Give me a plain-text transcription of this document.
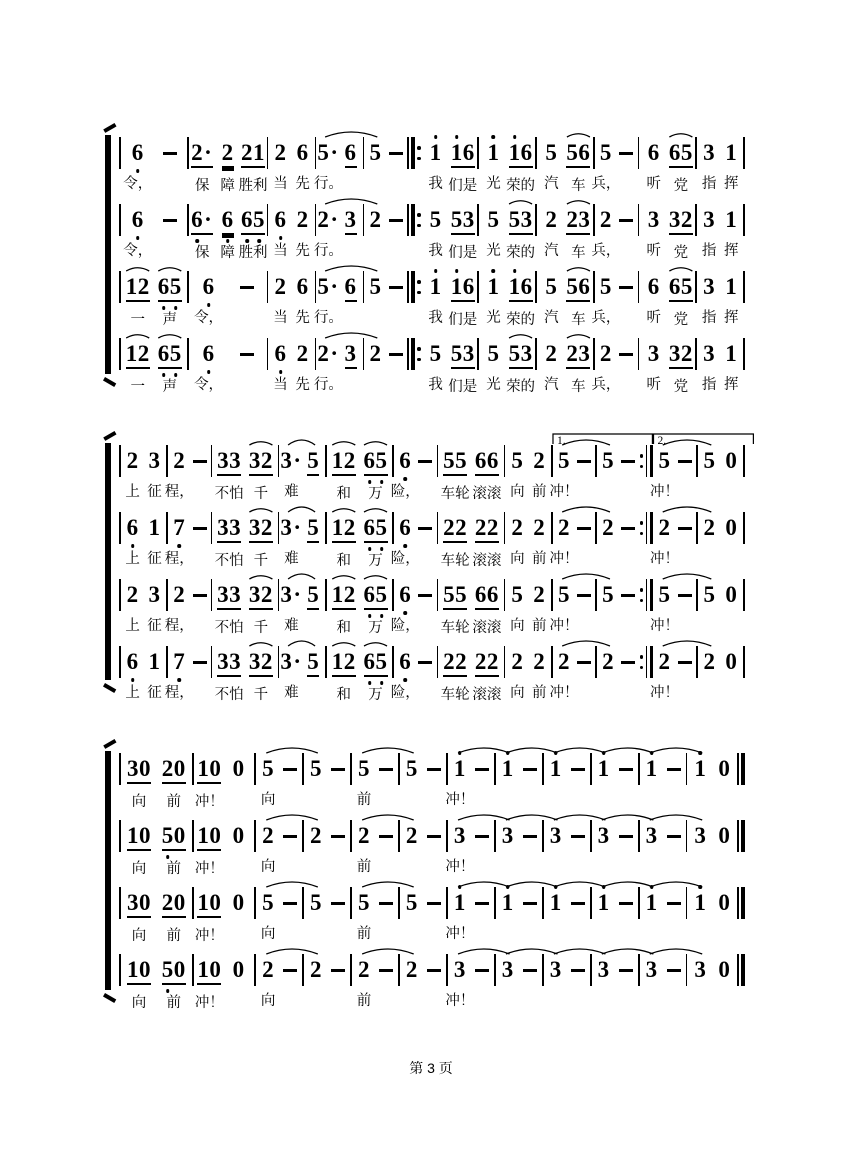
6
令，
2·
保
2
障
21
胜利
2
当
6
先
5·
行。
6 5 1
我
16
们是
1
光
16
荣的
5
汽
56
车
5
兵，
6
听
65
党
3
指
1
挥
6
令，
6·
保
6
障
65
胜利
6
当
2
先
2·
行。
3 2 5
我
53
们是
5
光
53
荣的
2
汽
23
车
2
兵，
3
听
32
党
3
指
1
挥
12
一
65
声
6
令，
2
当
6
先
5·
行。
6 5 1
我
16
们是
1
光
16
荣的
5
汽
56
车
5
兵，
6
听
65
党
3
指
1
挥
12
一
65
声
6
令，
6
当
2
先
2·
行。
3 2 5
我
53
们是
5
光
53
荣的
2
汽
23
车
2
兵，
3
听
32
党
3
指
1
挥
2
上
3
征
2
程，
33
不怕
32
千
3·
难
5 12
和
65
万
6
险，
55
车轮
66
滚滚
5
向
2
前
5
冲！
5 5
冲！
5 0
6
上
1
征
7
程，
33
不怕
32
千
3·
难
5 12
和
65
万
6
险，
22
车轮
22
滚滚
2
向
2
前
2
冲！
2 2
冲！
2 0
2
上
3
征
2
程，
33
不怕
32
千
3·
难
5 12
和
65
万
6
险，
55
车轮
66
滚滚
5
向
2
前
5
冲！
5 5
冲！
5 0
6
上
1
征
7
程，
33
不怕
32
千
3·
难
5 12
和
65
万
6
险，
22
车轮
22
滚滚
2
向
2
前
2
冲！
2 2
冲！
2 0
30
向
20
前
10
冲！
0 5
向
5 5
前
5 1
冲！
1 1 1 1 1 0
10
向
50
前
10
冲！
0 2
向
2 2
前
2 3
冲！
3 3 3 3 3 0
30
向
20
前
10
冲！
0 5
向
5 5
前
5 1
冲！
1 1 1 1 1 0
10
向
50
前
10
冲！
0 2
向
2 2
前
2 3
冲！
3 3 3 3 3 0
1.	2.
第 3 页
